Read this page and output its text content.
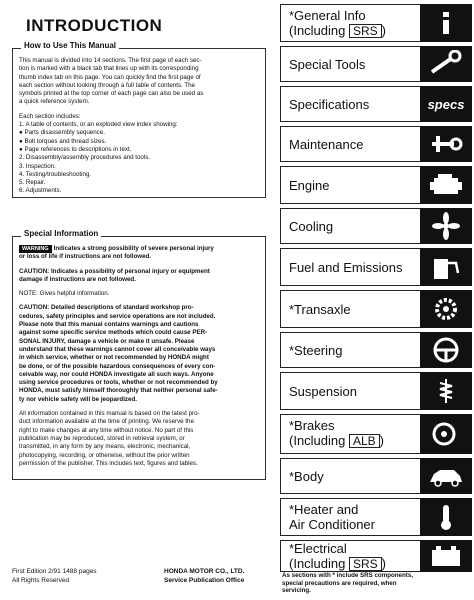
INTRODUCTION
How to Use This Manual

This manual is divided into 14 sections. The first page of each sec-
tion is marked with a black tab that lines up with its corresponding
thumb index tab on this page. You can quickly find the first page of
each section without looking through a full table of contents. The
symbols printed at the top corner of each page can also be used as
a quick reference system.

Each section includes:

1. A table of contents, or an exploded view index showing:
● Parts disassembly sequence.
● Bolt torques and thread sizes.
● Page references to descriptions in text.
2. Disassembly/assembly procedures and tools.
3. Inspection.
4. Testing/troubleshooting.
5. Repair.
6. Adjustments.

Special Information

WARNING Indicates a strong possibility of severe personal injury
or loss of life if instructions are not followed.

CAUTION: Indicates a possibility of personal injury or equipment
damage if instructions are not followed.

NOTE: Gives helpful information.

CAUTION: Detailed descriptions of standard workshop pro-
cedures, safety principles and service operations are not included.
Please note that this manual contains warnings and cautions
against some specific service methods which could cause PER-
SONAL INJURY, damage a vehicle or make it unsafe. Please
understand that these warnings cannot cover all conceivable ways
in which service, whether or not recommended by HONDA might
be done, or of the possible hazardous consequences of every con-
ceivable way, nor could HONDA investigate all such ways. Anyone
using service procedures or tools, whether or not recommended by
HONDA, must satisfy himself thoroughly that neither personal safe-
ty nor vehicle safety will be jeopardized.

All information contained in this manual is based on the latest pro-
duct information available at the time of printing. We reserve the
right to make changes at any time without notice. No part of this
publication may be reproduced, stored in retrieval system, or
transmitted, in any form by any means, electronic, mechanical,
photocopying, recording, or otherwise, without the prior written
permission of the publisher. This includes text, figures and tables.

First Edition 2/91 1488 pages
All Rights Reserved
HONDA MOTOR CO., LTD.
Service Publication Office
*General Info
(Including SRS )
Special Tools
Specifications	specs
Maintenance
Engine
Cooling
Fuel and Emissions
*Transaxle
*Steering
Suspension
*Brakes
(Including ALB )
*Body
*Heater and
Air Conditioner
*Electrical
(Including SRS )
As sections with * include SRS components,
special precautions are required, when
servicing.
